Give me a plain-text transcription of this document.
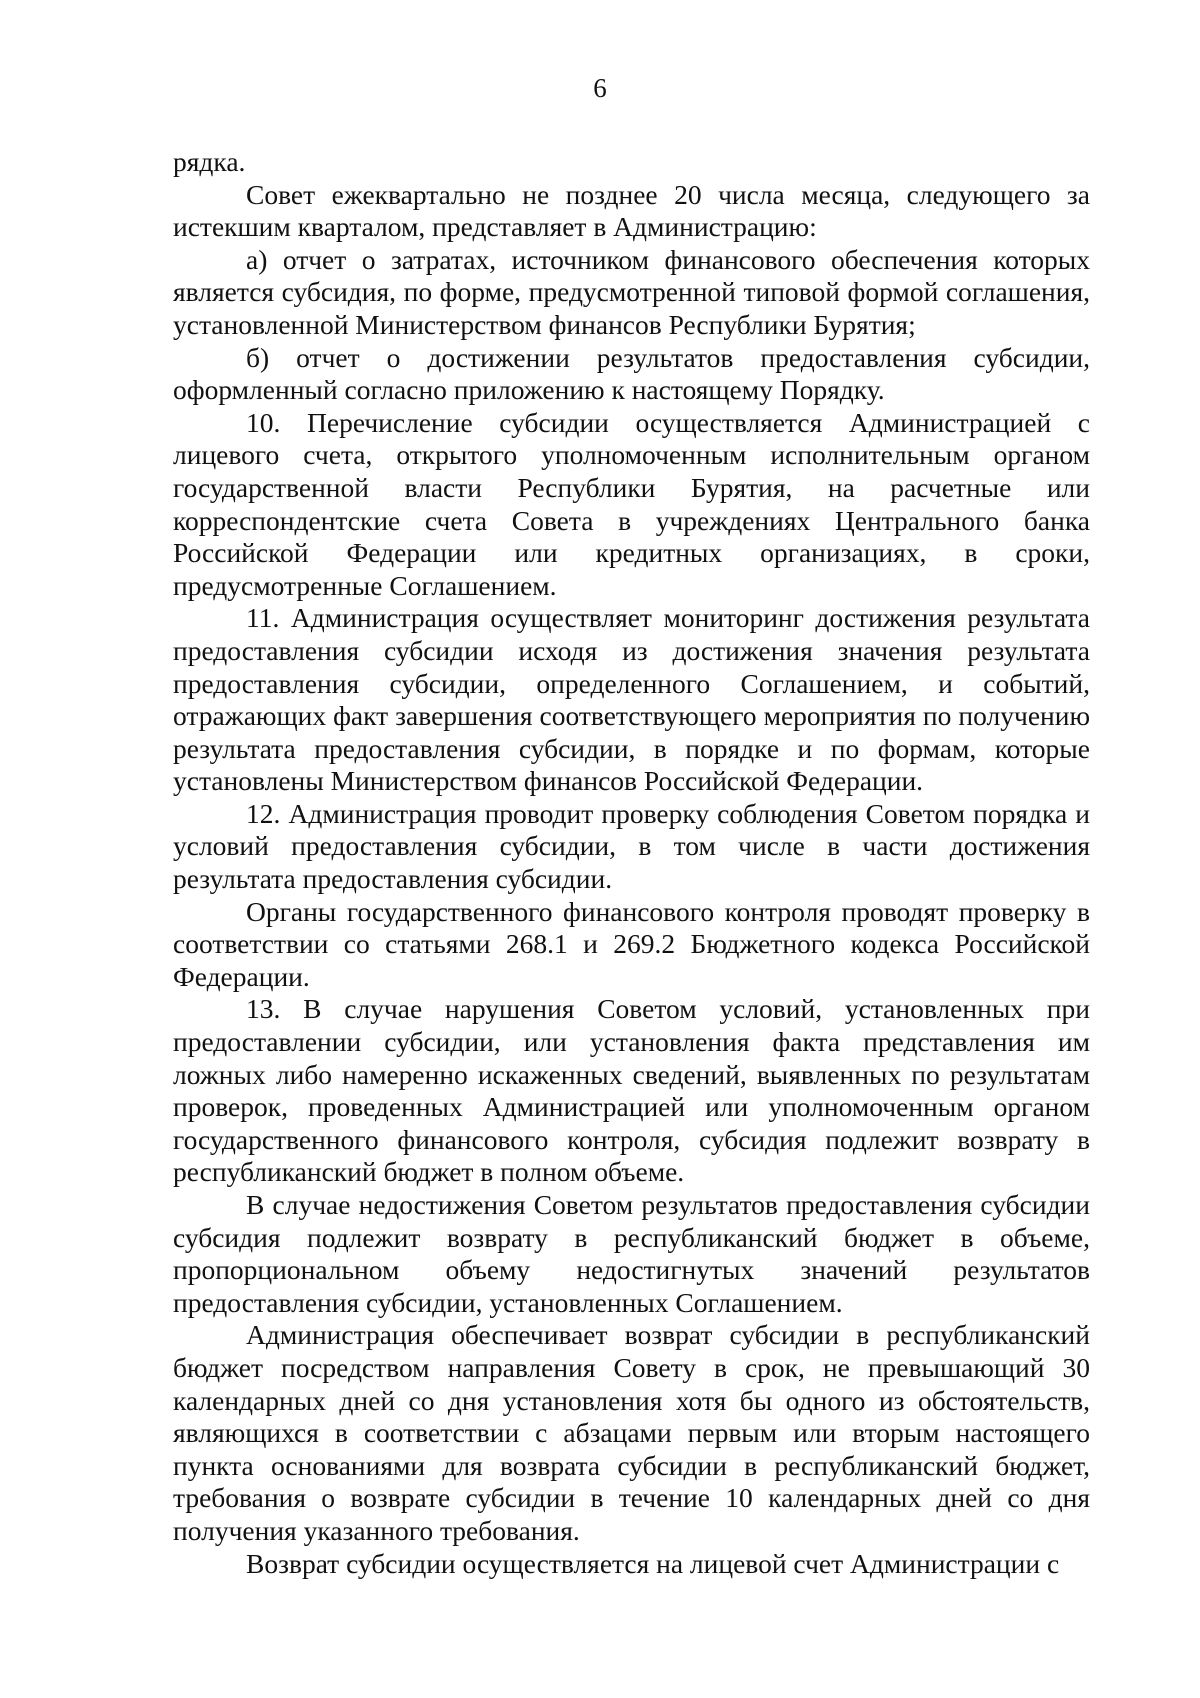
6

рядка.

Совет ежеквартально не позднее 20 числа месяца, следующего за истекшим кварталом, представляет в Администрацию:

а) отчет о затратах, источником финансового обеспечения которых является субсидия, по форме, предусмотренной типовой формой соглашения, установленной Министерством финансов Республики Бурятия;

б) отчет о достижении результатов предоставления субсидии, оформленный согласно приложению к настоящему Порядку.

10. Перечисление субсидии осуществляется Администрацией с лицевого счета, открытого уполномоченным исполнительным органом государственной власти Республики Бурятия, на расчетные или корреспондентские счета Совета в учреждениях Центрального банка Российской Федерации или кредитных организациях, в сроки, предусмотренные Соглашением.

11. Администрация осуществляет мониторинг достижения результата предоставления субсидии исходя из достижения значения результата предоставления субсидии, определенного Соглашением, и событий, отражающих факт завершения соответствующего мероприятия по получению результата предоставления субсидии, в порядке и по формам, которые установлены Министерством финансов Российской Федерации.

12. Администрация проводит проверку соблюдения Советом порядка и условий предоставления субсидии, в том числе в части достижения результата предоставления субсидии.

Органы государственного финансового контроля проводят проверку в соответствии со статьями 268.1 и 269.2 Бюджетного кодекса Российской Федерации.

13. В случае нарушения Советом условий, установленных при предоставлении субсидии, или установления факта представления им ложных либо намеренно искаженных сведений, выявленных по результатам проверок, проведенных Администрацией или уполномоченным органом государственного финансового контроля, субсидия подлежит возврату в республиканский бюджет в полном объеме.

В случае недостижения Советом результатов предоставления субсидии субсидия подлежит возврату в республиканский бюджет в объеме, пропорциональном объему недостигнутых значений результатов предоставления субсидии, установленных Соглашением.

Администрация обеспечивает возврат субсидии в республиканский бюджет посредством направления Совету в срок, не превышающий 30 календарных дней со дня установления хотя бы одного из обстоятельств, являющихся в соответствии с абзацами первым или вторым настоящего пункта основаниями для возврата субсидии в республиканский бюджет, требования о возврате субсидии в течение 10 календарных дней со дня получения указанного требования.

Возврат субсидии осуществляется на лицевой счет Администрации с
